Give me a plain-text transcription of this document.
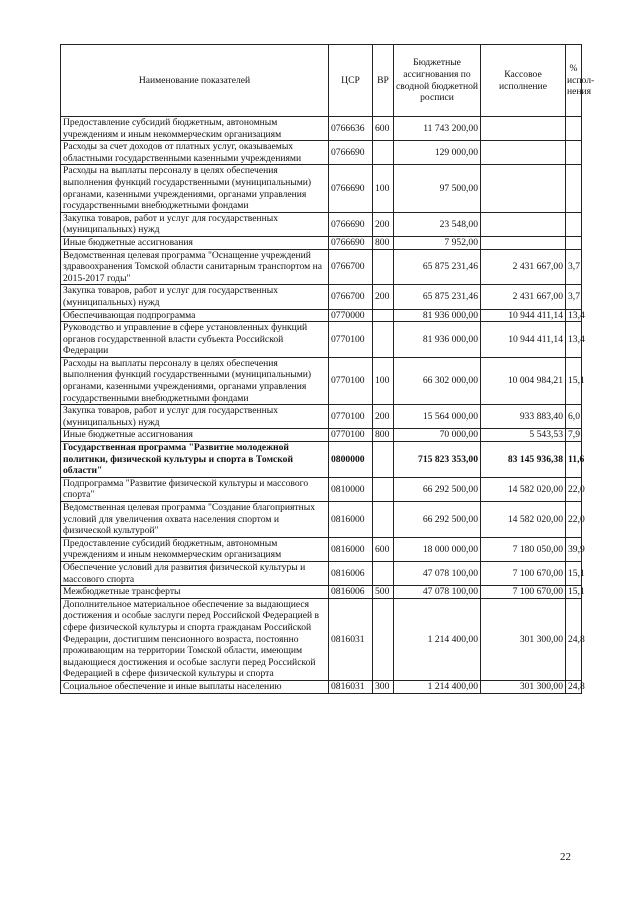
Наименование показателей	ЦСР	ВР	Бюджетные ассигнования по сводной бюджетной росписи	Кассовое исполнение	% испол-нения
Предоставление субсидий бюджетным, автономным учреждениям и иным некоммерческим организациям	0766636	600	11 743 200,00		
Расходы за счет доходов от платных услуг, оказываемых областными государственными казенными учреждениями	0766690		129 000,00		
Расходы на выплаты персоналу в целях обеспечения выполнения функций государственными (муниципальными) органами, казенными учреждениями, органами управления государственными внебюджетными фондами	0766690	100	97 500,00		
Закупка товаров, работ и услуг для государственных (муниципальных) нужд	0766690	200	23 548,00		
Иные бюджетные ассигнования	0766690	800	7 952,00		
Ведомственная целевая программа "Оснащение учреждений здравоохранения Томской области санитарным транспортом на 2015-2017 годы"	0766700		65 875 231,46	2 431 667,00	3,7
Закупка товаров, работ и услуг для государственных (муниципальных) нужд	0766700	200	65 875 231,46	2 431 667,00	3,7
Обеспечивающая подпрограмма	0770000		81 936 000,00	10 944 411,14	13,4
Руководство и управление в сфере установленных функций органов государственной власти субъекта Российской Федерации	0770100		81 936 000,00	10 944 411,14	13,4
Расходы на выплаты персоналу в целях обеспечения выполнения функций государственными (муниципальными) органами, казенными учреждениями, органами управления государственными внебюджетными фондами	0770100	100	66 302 000,00	10 004 984,21	15,1
Закупка товаров, работ и услуг для государственных (муниципальных) нужд	0770100	200	15 564 000,00	933 883,40	6,0
Иные бюджетные ассигнования	0770100	800	70 000,00	5 543,53	7,9
Государственная программа "Развитие молодежной политики, физической культуры и спорта в Томской области"	0800000		715 823 353,00	83 145 936,38	11,6
Подпрограмма "Развитие физической культуры и массового спорта"	0810000		66 292 500,00	14 582 020,00	22,0
Ведомственная целевая программа "Создание благоприятных условий для увеличения охвата населения спортом и физической культурой"	0816000		66 292 500,00	14 582 020,00	22,0
Предоставление субсидий бюджетным, автономным учреждениям и иным некоммерческим организациям	0816000	600	18 000 000,00	7 180 050,00	39,9
Обеспечение условий для развития физической культуры и массового спорта	0816006		47 078 100,00	7 100 670,00	15,1
Межбюджетные трансферты	0816006	500	47 078 100,00	7 100 670,00	15,1
Дополнительное материальное обеспечение за выдающиеся достижения и особые заслуги перед Российской Федерацией в сфере физической культуры и спорта гражданам Российской Федерации, достигшим пенсионного возраста, постоянно проживающим на территории Томской области, имеющим выдающиеся достижения и особые заслуги перед Российской Федерацией в сфере физической культуры и спорта	0816031		1 214 400,00	301 300,00	24,8
Социальное обеспечение и иные выплаты населению	0816031	300	1 214 400,00	301 300,00	24,8
22
